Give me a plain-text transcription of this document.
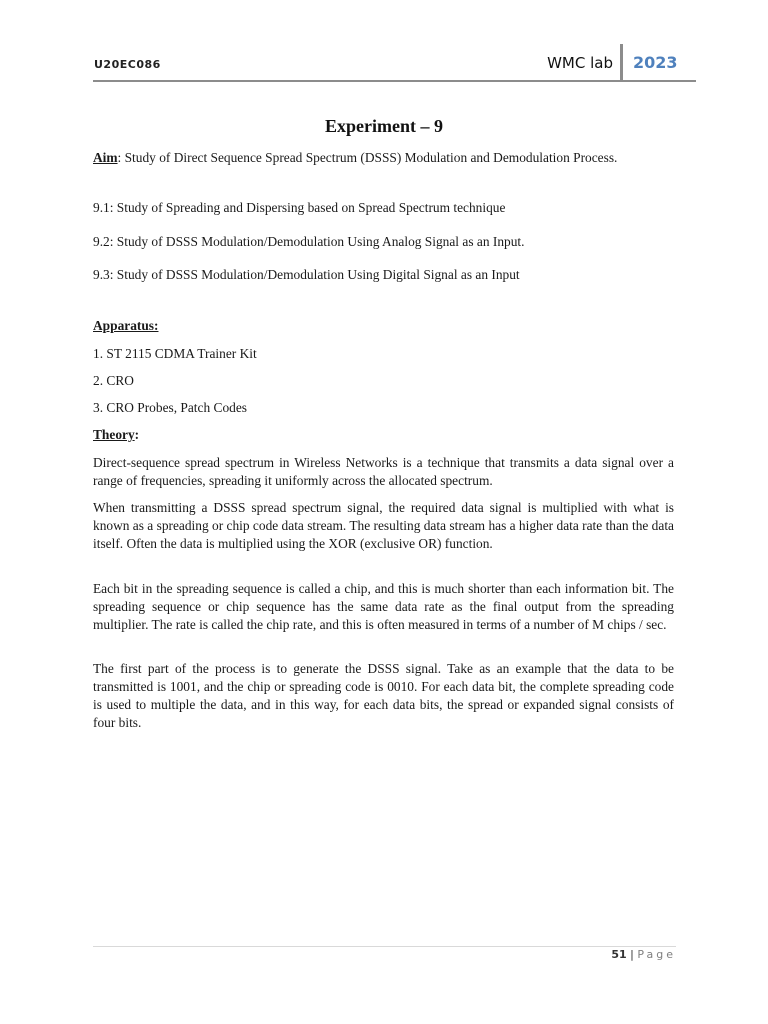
U20EC086	WMC lab 2023
Experiment – 9
Aim: Study of Direct Sequence Spread Spectrum (DSSS) Modulation and Demodulation Process.
9.1: Study of Spreading and Dispersing based on Spread Spectrum technique
9.2: Study of DSSS Modulation/Demodulation Using Analog Signal as an Input.
9.3: Study of DSSS Modulation/Demodulation Using Digital Signal as an Input
Apparatus:
1. ST 2115 CDMA Trainer Kit
2. CRO
3. CRO Probes, Patch Codes
Theory:
Direct-sequence spread spectrum in Wireless Networks is a technique that transmits a data signal over a range of frequencies, spreading it uniformly across the allocated spectrum.
When transmitting a DSSS spread spectrum signal, the required data signal is multiplied with what is known as a spreading or chip code data stream. The resulting data stream has a higher data rate than the data itself. Often the data is multiplied using the XOR (exclusive OR) function.
Each bit in the spreading sequence is called a chip, and this is much shorter than each information bit. The spreading sequence or chip sequence has the same data rate as the final output from the spreading multiplier. The rate is called the chip rate, and this is often measured in terms of a number of M chips / sec.
The first part of the process is to generate the DSSS signal. Take as an example that the data to be transmitted is 1001, and the chip or spreading code is 0010. For each data bit, the complete spreading code is used to multiple the data, and in this way, for each data bits, the spread or expanded signal consists of four bits.
51 | Page
